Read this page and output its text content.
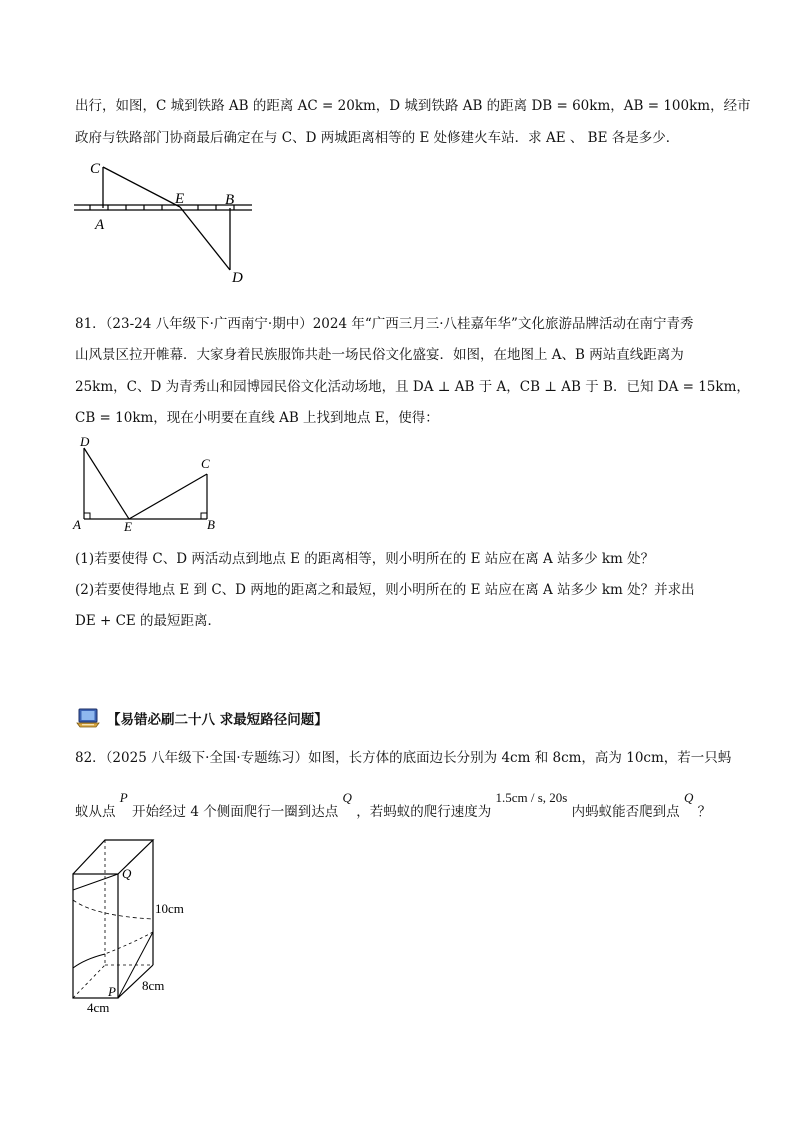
出行，如图，C 城到铁路 AB 的距离 AC = 20km，D 城到铁路 AB 的距离 DB = 60km，AB = 100km，经市
政府与铁路部门协商最后确定在与 C、D 两城距离相等的 E 处修建火车站．求 AE 、 BE 各是多少．
C
E	B
A
D
81．（23-24 八年级下·广西南宁·期中）2024 年“广西三月三·八桂嘉年华”文化旅游品牌活动在南宁青秀
山风景区拉开帷幕．大家身着民族服饰共赴一场民俗文化盛宴．如图，在地图上 A、B 两站直线距离为
25km，C、D 为青秀山和园博园民俗文化活动场地，且 DA ⊥ AB 于 A，CB ⊥ AB 于 B．已知 DA = 15km，
CB = 10km，现在小明要在直线 AB 上找到地点 E，使得：
D
C
A	E	B
(1)若要使得 C、D 两活动点到地点 E 的距离相等，则小明所在的 E 站应在离 A 站多少 km 处？
(2)若要使得地点 E 到 C、D 两地的距离之和最短，则小明所在的 E 站应在离 A 站多少 km 处？并求出
DE + CE 的最短距离．
【易错必刷二十八 求最短路径问题】
82．（2025 八年级下·全国·专题练习）如图，长方体的底面边长分别为 4cm 和 8cm，高为 10cm，若一只蚂
蚁从点 P 开始经过 4 个侧面爬行一圈到达点 Q ，若蚂蚁的爬行速度为 1.5cm / s, 20s 内蚂蚁能否爬到点 Q ？
Q
10cm
P 8cm
4cm
